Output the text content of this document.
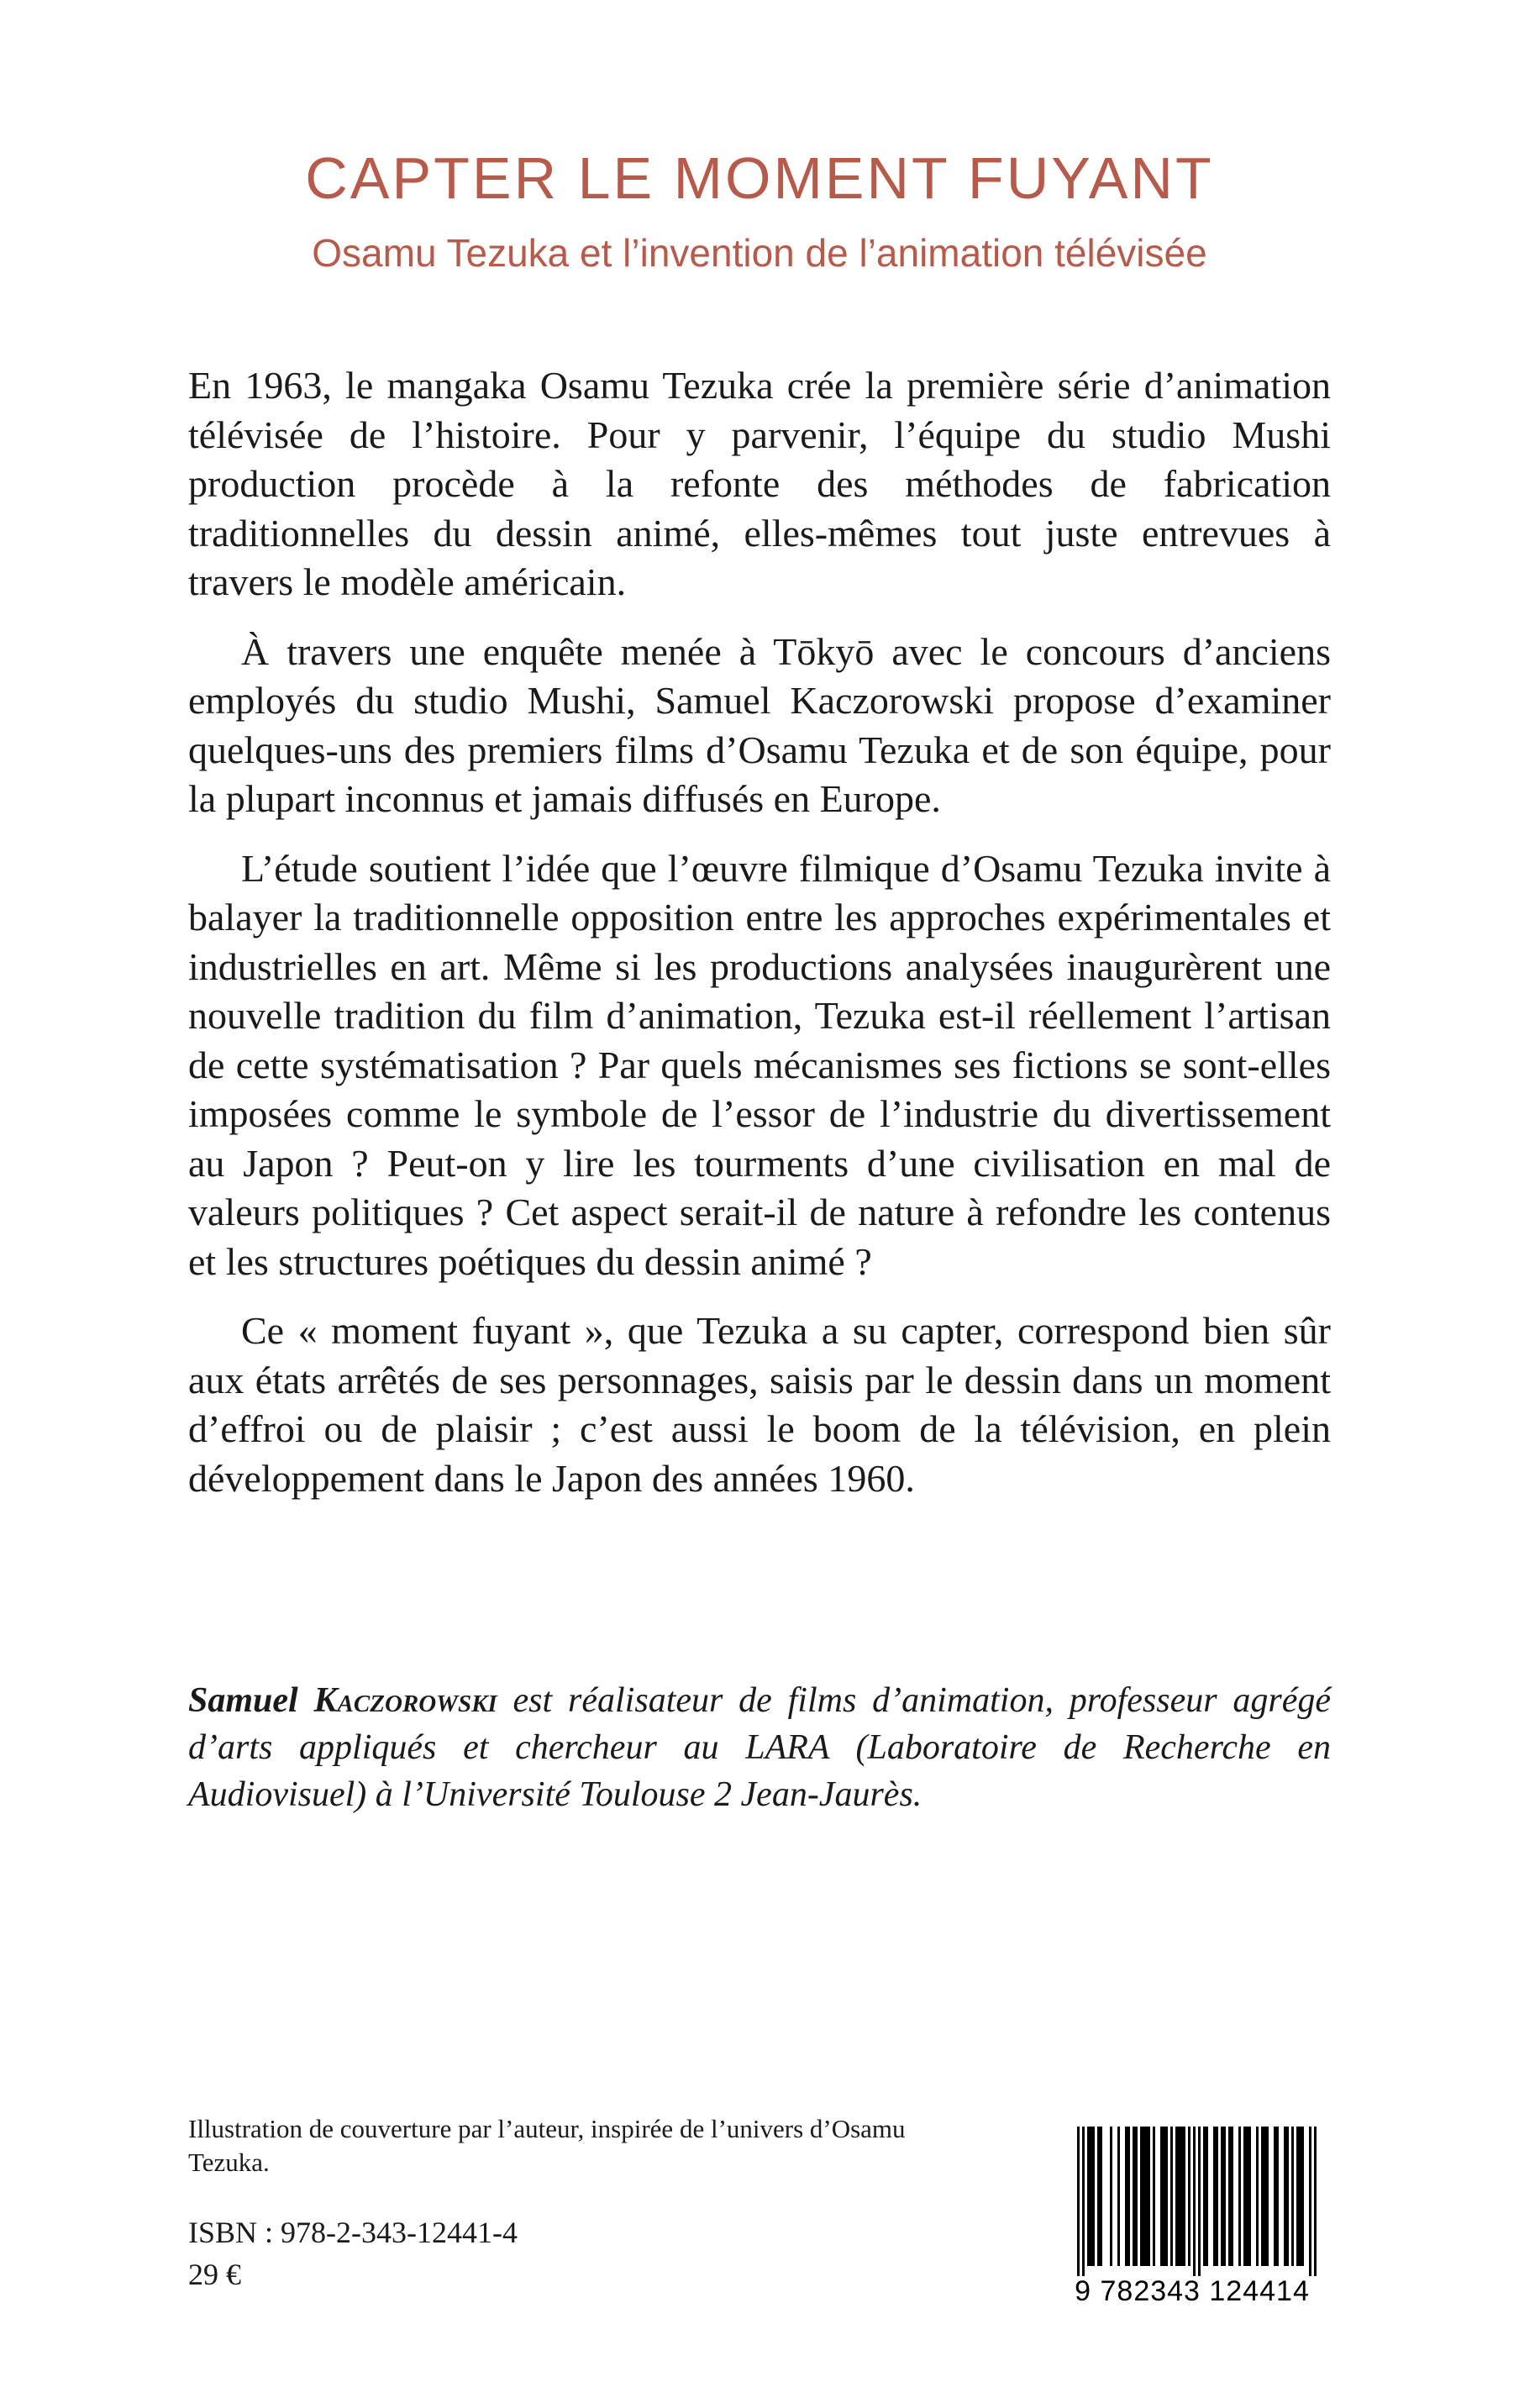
CAPTER LE MOMENT FUYANT
Osamu Tezuka et l’invention de l’animation télévisée

En 1963, le mangaka Osamu Tezuka crée la première série d’animation télévisée de l’histoire. Pour y parvenir, l’équipe du studio Mushi production procède à la refonte des méthodes de fabrication traditionnelles du dessin animé, elles-mêmes tout juste entrevues à travers le modèle américain.

À travers une enquête menée à Tōkyō avec le concours d’anciens employés du studio Mushi, Samuel Kaczorowski propose d’examiner quelques-uns des premiers films d’Osamu Tezuka et de son équipe, pour la plupart inconnus et jamais diffusés en Europe.

L’étude soutient l’idée que l’œuvre filmique d’Osamu Tezuka invite à balayer la traditionnelle opposition entre les approches expérimentales et industrielles en art. Même si les productions analysées inaugurèrent une nouvelle tradition du film d’animation, Tezuka est-il réellement l’artisan de cette systématisation ? Par quels mécanismes ses fictions se sont-elles imposées comme le symbole de l’essor de l’industrie du divertissement au Japon ? Peut-on y lire les tourments d’une civilisation en mal de valeurs politiques ? Cet aspect serait-il de nature à refondre les contenus et les structures poétiques du dessin animé ?

Ce « moment fuyant », que Tezuka a su capter, correspond bien sûr aux états arrêtés de ses personnages, saisis par le dessin dans un moment d’effroi ou de plaisir ; c’est aussi le boom de la télévision, en plein développement dans le Japon des années 1960.

Samuel Kaczorowski est réalisateur de films d’animation, professeur agrégé d’arts appliqués et chercheur au LARA (Laboratoire de Recherche en Audiovisuel) à l’Université Toulouse 2 Jean-Jaurès.

Illustration de couverture par l’auteur, inspirée de l’univers d’Osamu Tezuka.

ISBN : 978-2-343-12441-4

29 €	9 782343 124414
